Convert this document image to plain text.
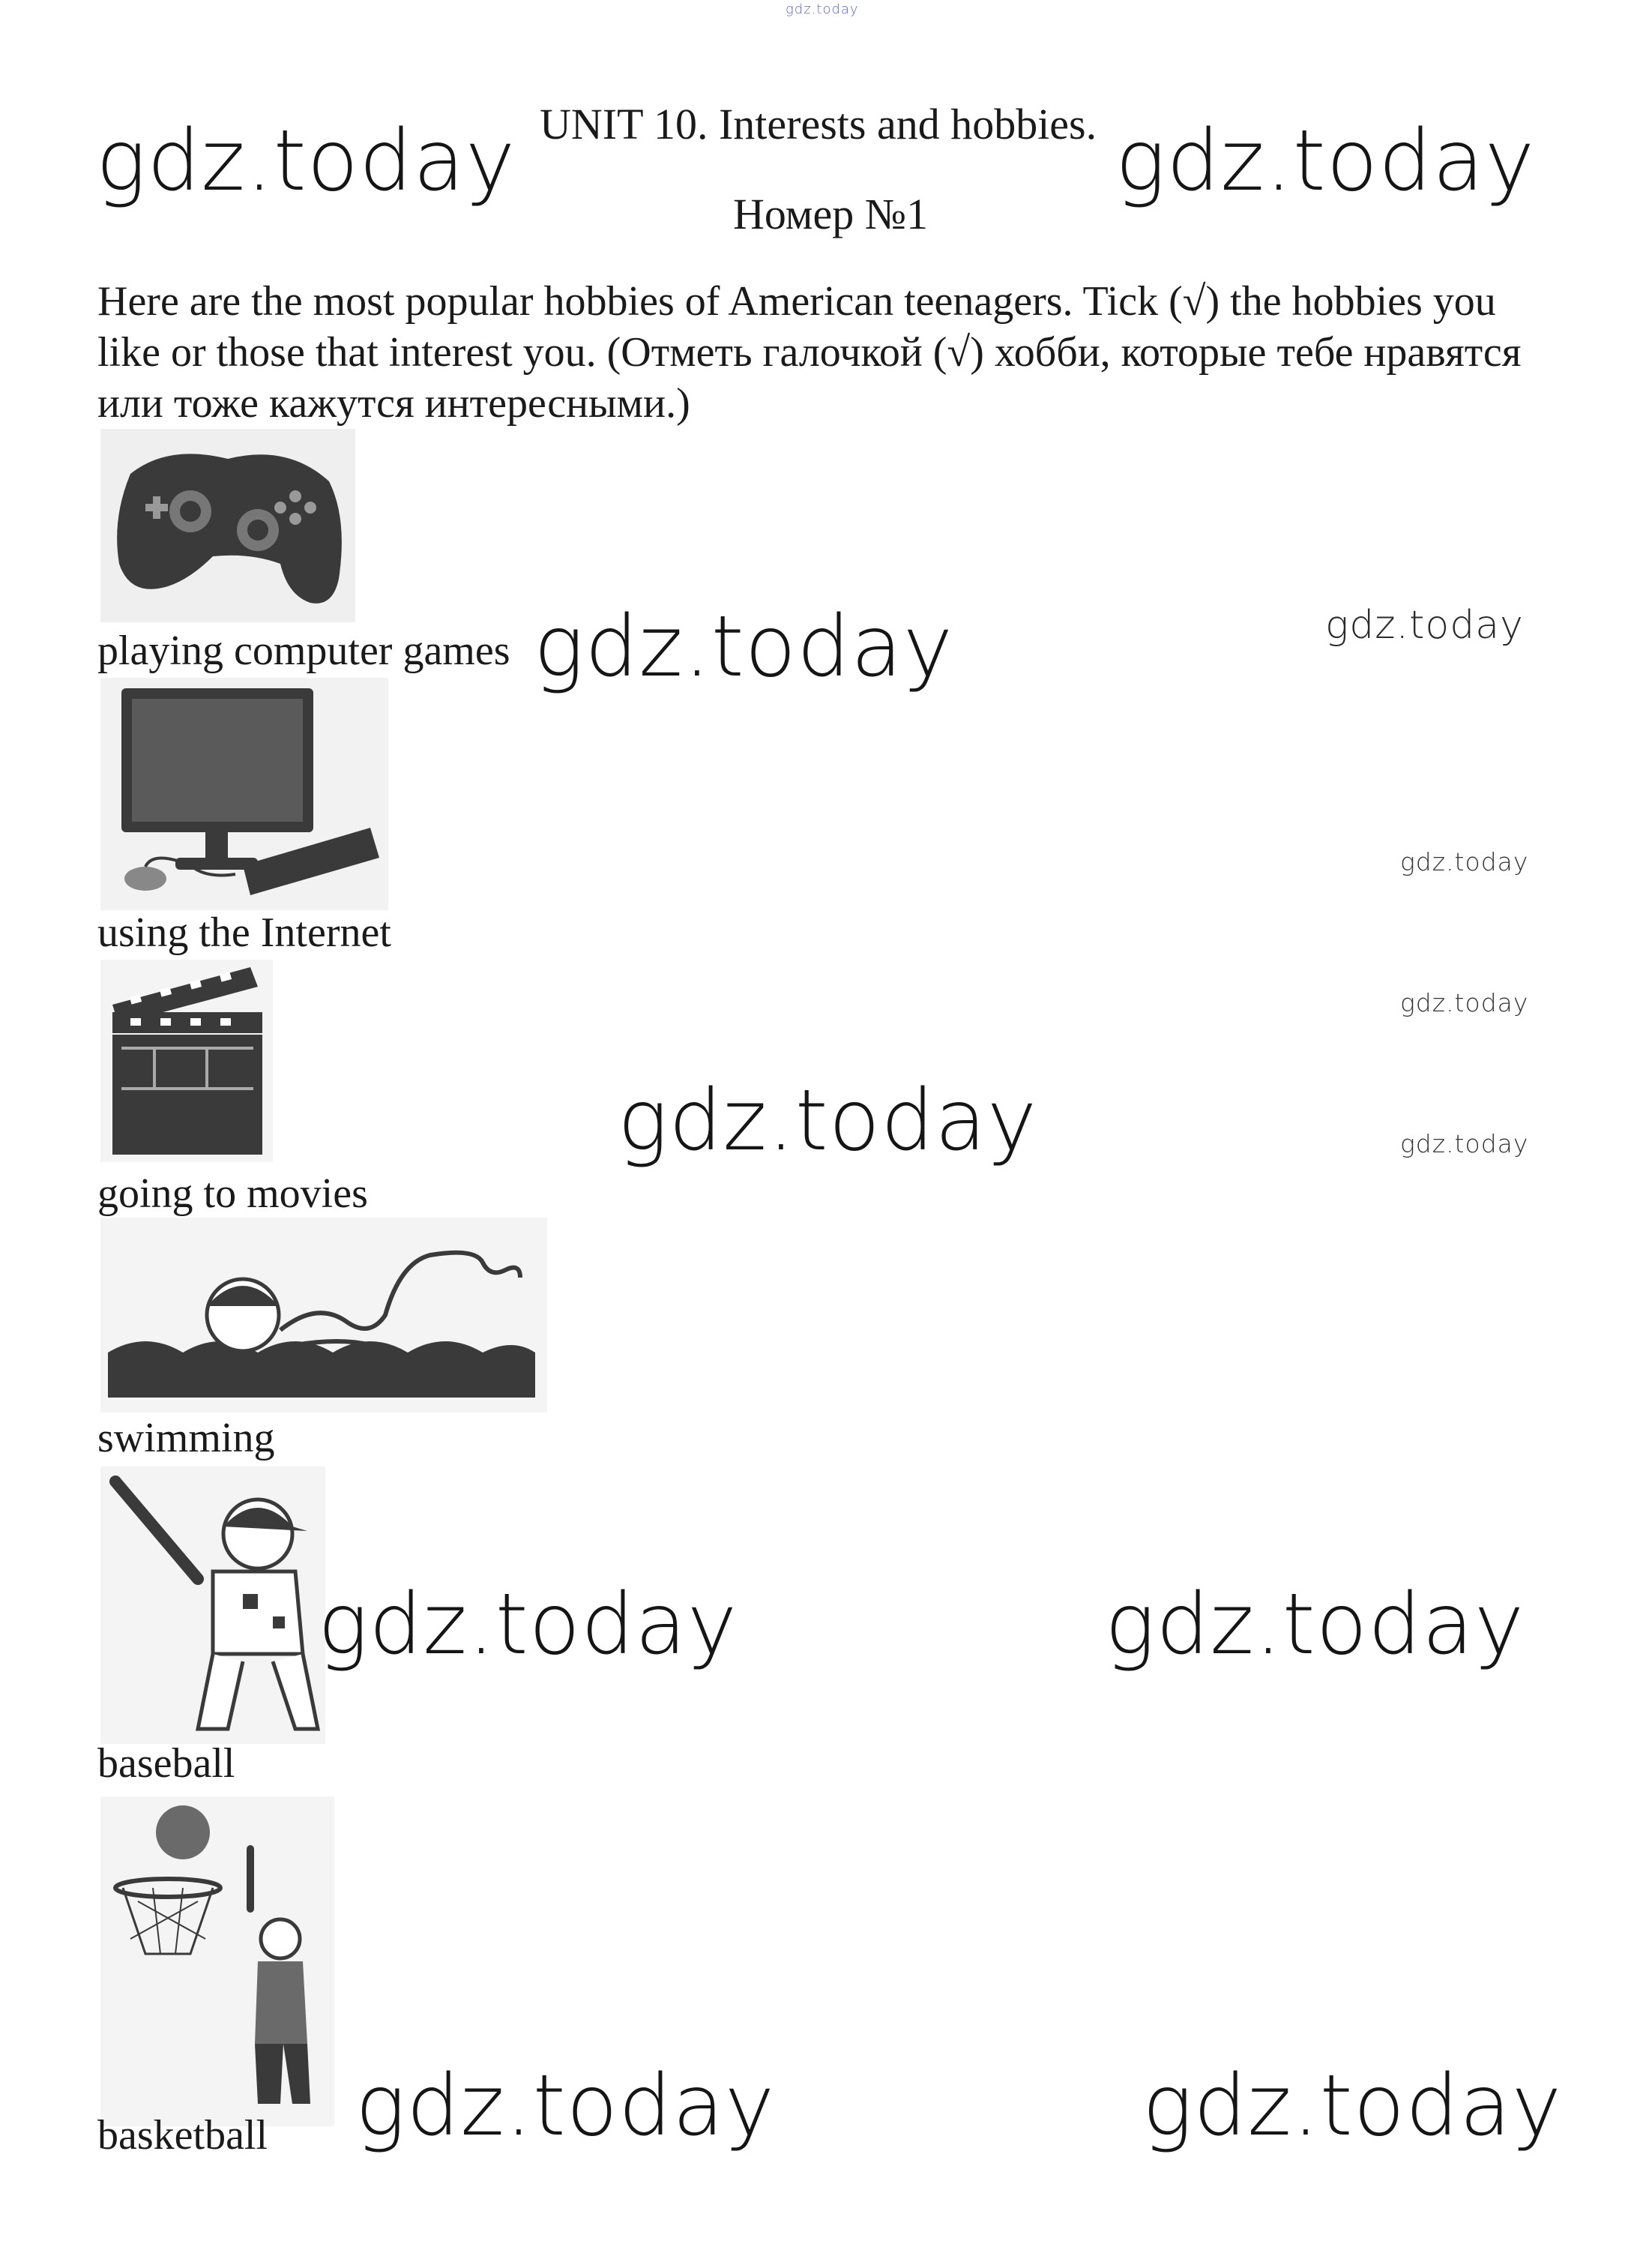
gdz.today
UNIT 10. Interests and hobbies.
Номер №1
gdz.today	gdz.today
Here are the most popular hobbies of American teenagers. Tick (√) the hobbies you like or those that interest you. (Отметь галочкой (√) хобби, которые тебе нравятся или тоже кажутся интересными.)
playing computer games gdz.today	gdz.today
using the Internet
gdz.today
gdz.today
gdz.today	gdz.today
going to movies
swimming
gdz.today	gdz.today
baseball
gdz.today	gdz.today
basketball
